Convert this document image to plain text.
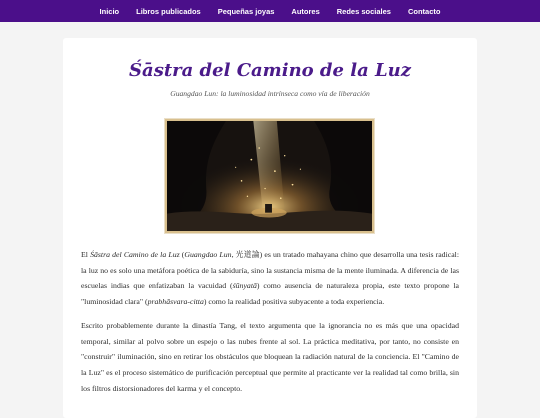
Inicio Libros publicados Pequeñas joyas Autores Redes sociales Contacto
Śāstra del Camino de la Luz
Guangdao Lun: la luminosidad intrínseca como vía de liberación

El Śāstra del Camino de la Luz (Guangdao Lun, 光道論) es un tratado mahayana chino que desarrolla una tesis radical: la luz no es solo una metáfora poética de la sabiduría, sino la sustancia misma de la mente iluminada. A diferencia de las escuelas indias que enfatizaban la vacuidad (śūnyatā) como ausencia de naturaleza propia, este texto propone la "luminosidad clara" (prabhāsvara-citta) como la realidad positiva subyacente a toda experiencia.

Escrito probablemente durante la dinastía Tang, el texto argumenta que la ignorancia no es más que una opacidad temporal, similar al polvo sobre un espejo o las nubes frente al sol. La práctica meditativa, por tanto, no consiste en "construir" iluminación, sino en retirar los obstáculos que bloquean la radiación natural de la conciencia. El "Camino de la Luz" es el proceso sistemático de purificación perceptual que permite al practicante ver la realidad tal como brilla, sin los filtros distorsionadores del karma y el concepto.
